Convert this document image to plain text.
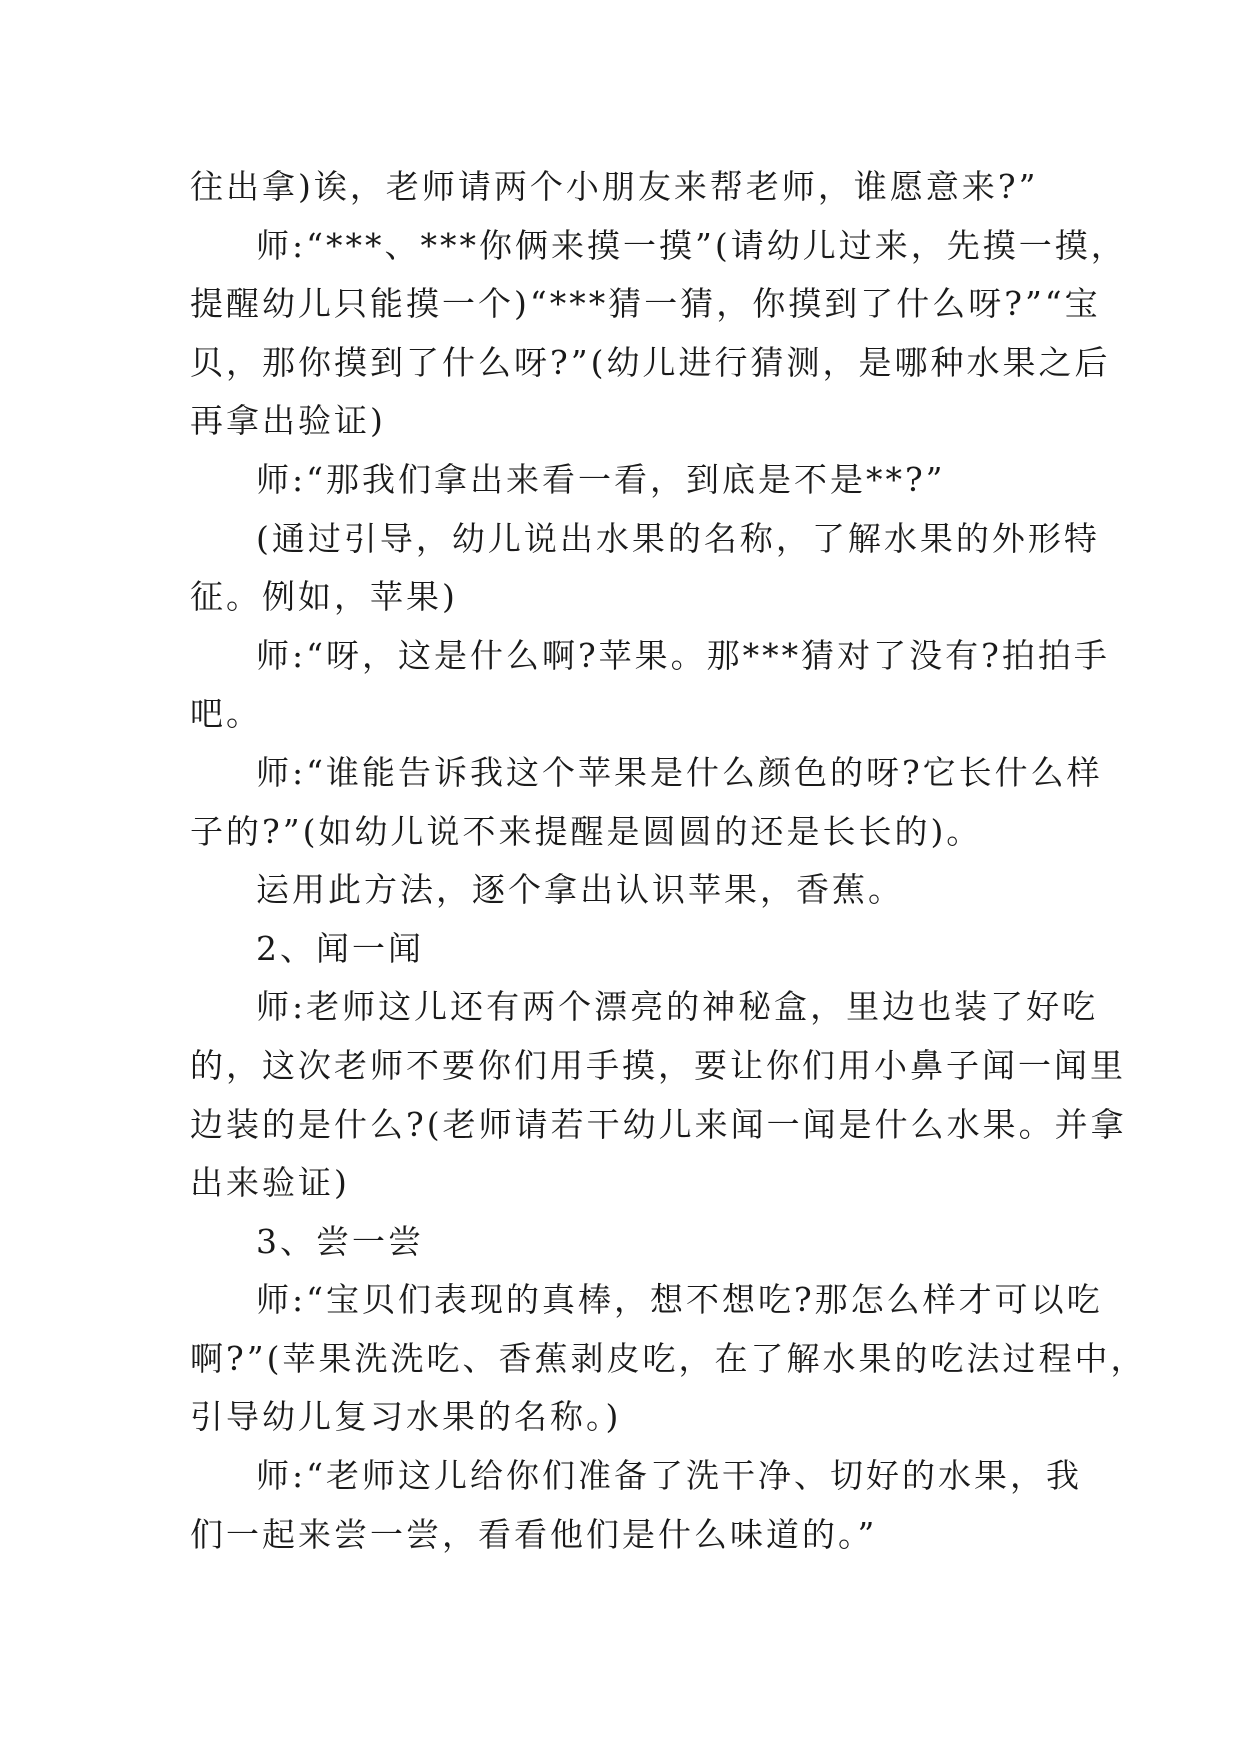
往出拿)诶，老师请两个小朋友来帮老师，谁愿意来?”
师:“***、***你俩来摸一摸”(请幼儿过来，先摸一摸，
提醒幼儿只能摸一个)“***猜一猜，你摸到了什么呀?”“宝
贝，那你摸到了什么呀?”(幼儿进行猜测，是哪种水果之后
再拿出验证)
师:“那我们拿出来看一看，到底是不是**?”
(通过引导，幼儿说出水果的名称，了解水果的外形特
征。例如，苹果)
师:“呀，这是什么啊?苹果。那***猜对了没有?拍拍手
吧。
师:“谁能告诉我这个苹果是什么颜色的呀?它长什么样
子的?”(如幼儿说不来提醒是圆圆的还是长长的)。
运用此方法，逐个拿出认识苹果，香蕉。
2、闻一闻
师:老师这儿还有两个漂亮的神秘盒，里边也装了好吃
的，这次老师不要你们用手摸，要让你们用小鼻子闻一闻里
边装的是什么?(老师请若干幼儿来闻一闻是什么水果。并拿
出来验证)
3、尝一尝
师:“宝贝们表现的真棒，想不想吃?那怎么样才可以吃
啊?”(苹果洗洗吃、香蕉剥皮吃，在了解水果的吃法过程中，
引导幼儿复习水果的名称。)
师:“老师这儿给你们准备了洗干净、切好的水果，我
们一起来尝一尝，看看他们是什么味道的。”
